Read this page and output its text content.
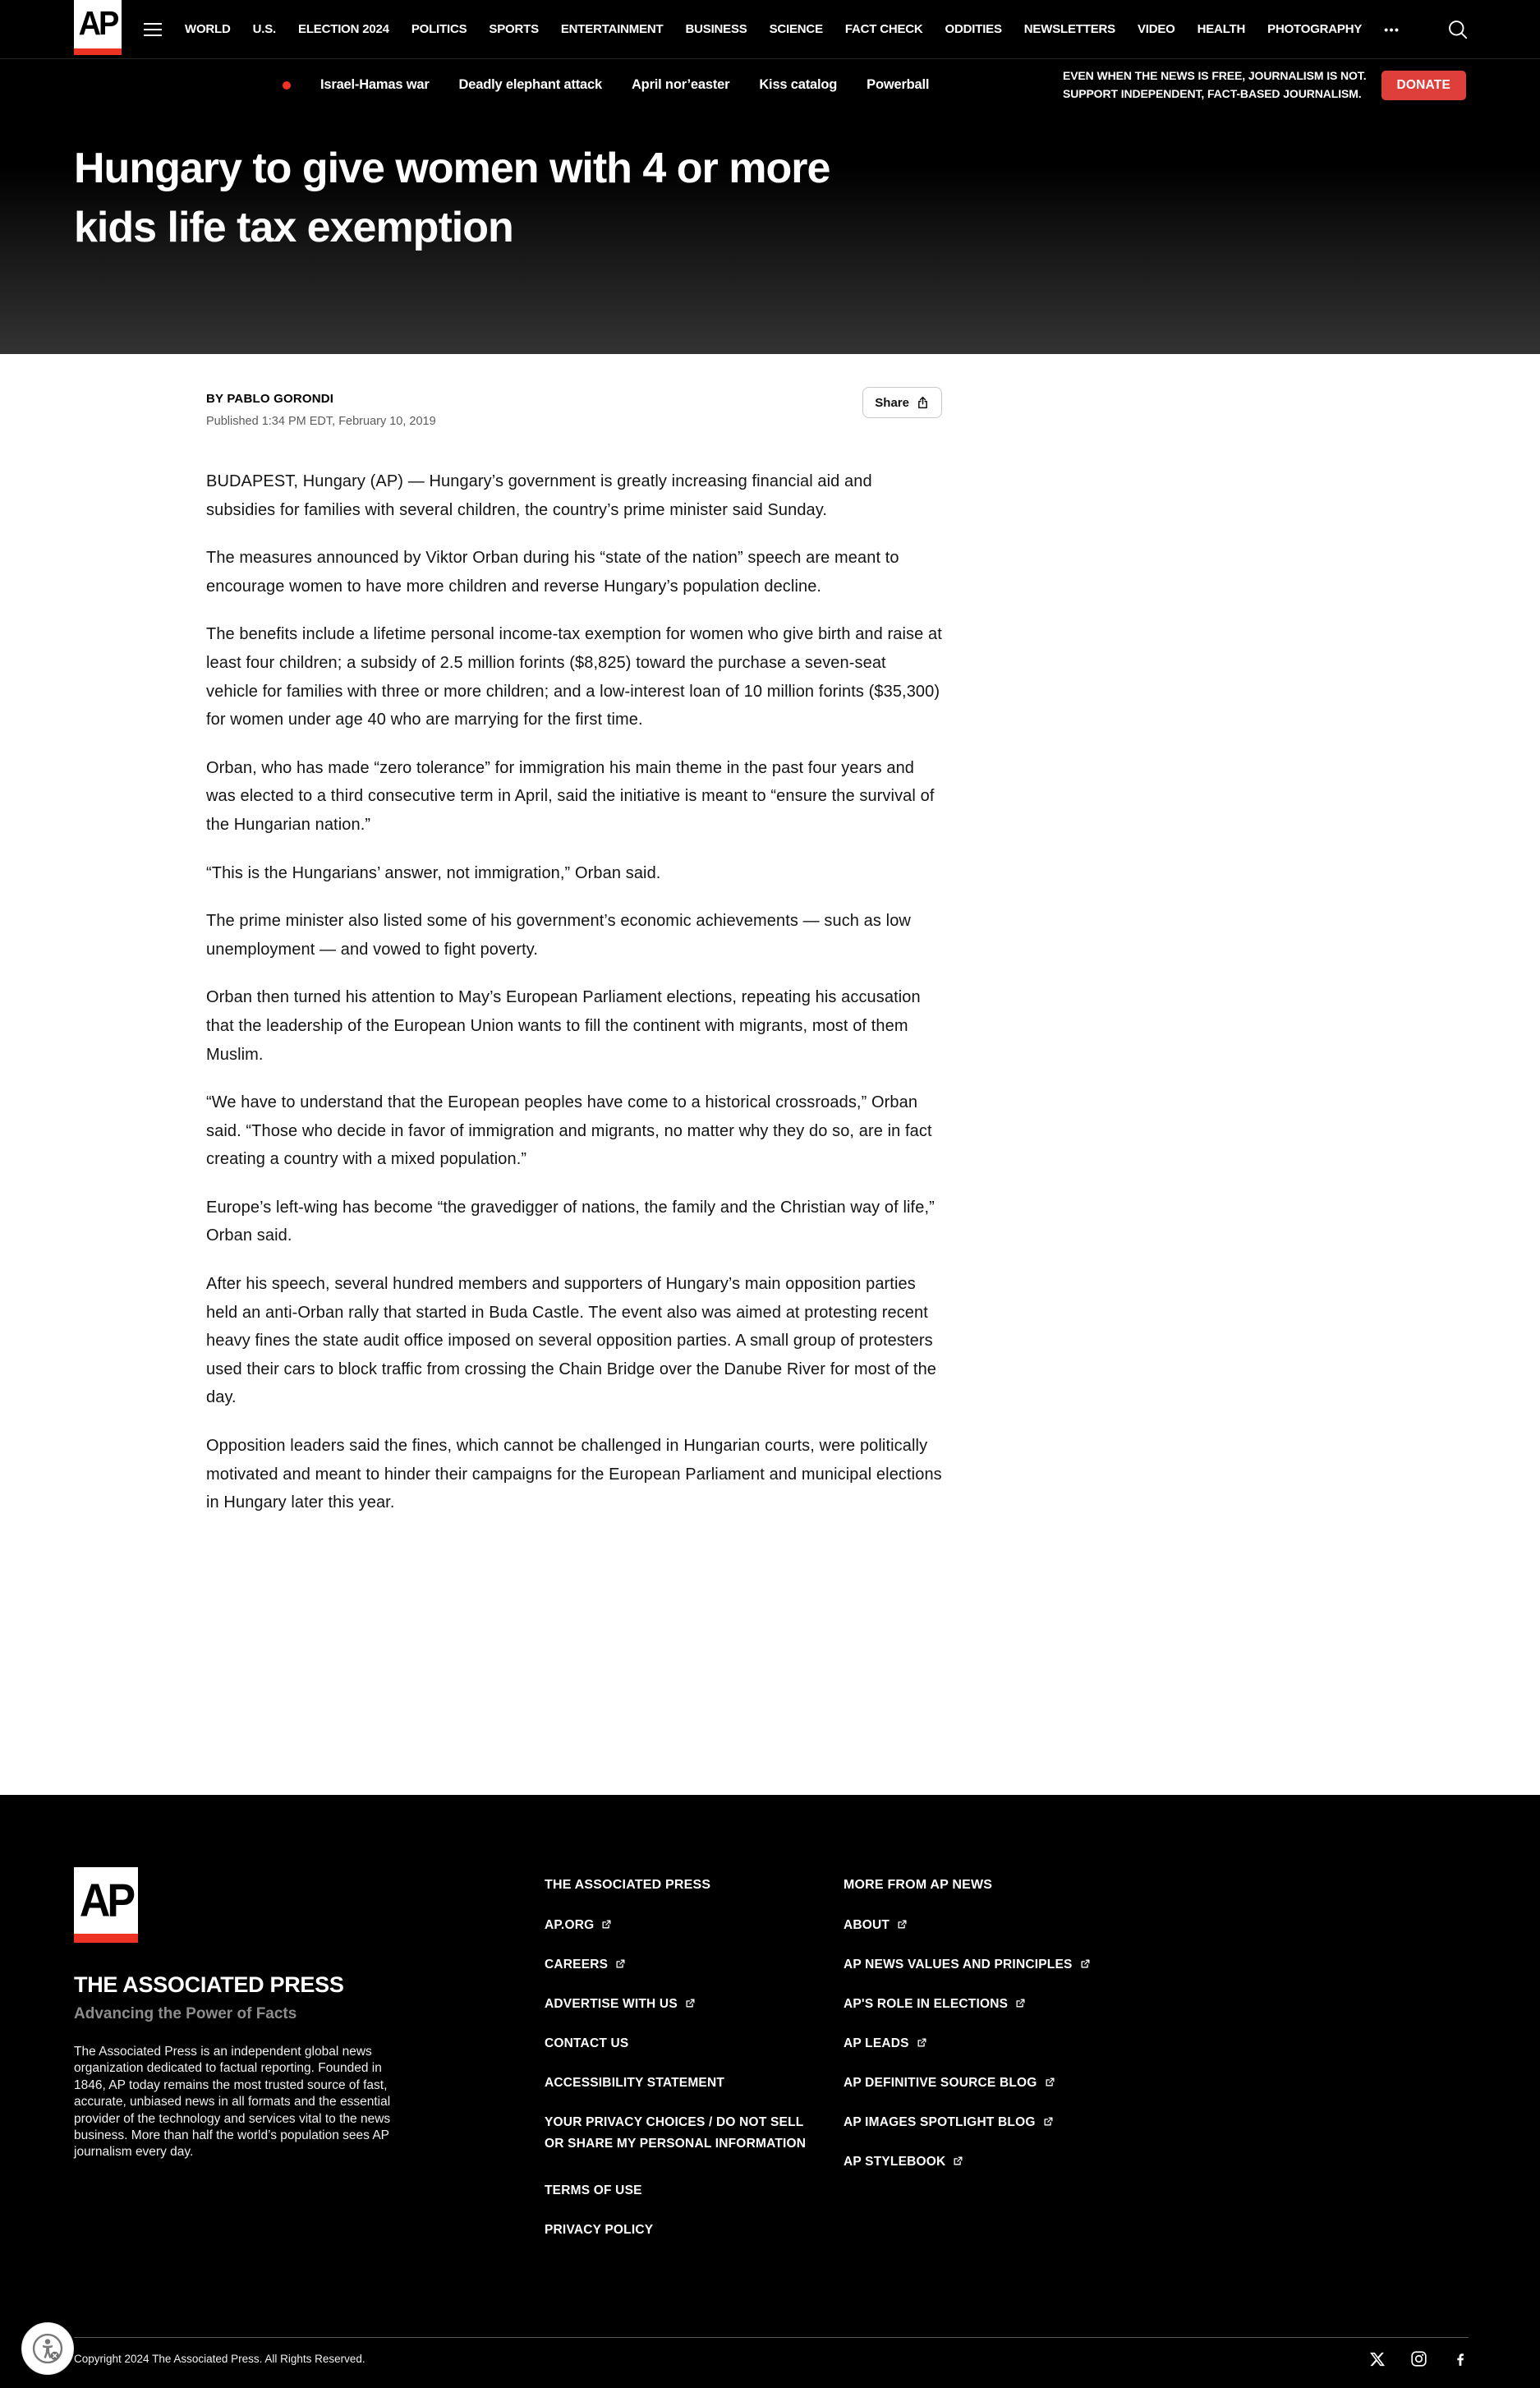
AP	WORLD U.S. ELECTION 2024 POLITICS SPORTS ENTERTAINMENT BUSINESS SCIENCE FACT CHECK ODDITIES NEWSLETTERS VIDEO HEALTH PHOTOGRAPHY •••
Israel-Hamas war Deadly elephant attack April nor’easter Kiss catalog Powerball
EVEN WHEN THE NEWS IS FREE, JOURNALISM IS NOT.
SUPPORT INDEPENDENT, FACT-BASED JOURNALISM.
DONATE
Hungary to give women with 4 or more
kids life tax exemption
BY PABLO GORONDI
Published 1:34 PM EDT, February 10, 2019
Share

BUDAPEST, Hungary (AP) — Hungary’s government is greatly increasing financial aid and subsidies for families with several children, the country’s prime minister said Sunday.

The measures announced by Viktor Orban during his “state of the nation” speech are meant to encourage women to have more children and reverse Hungary’s population decline.

The benefits include a lifetime personal income-tax exemption for women who give birth and raise at least four children; a subsidy of 2.5 million forints ($8,825) toward the purchase a seven-seat vehicle for families with three or more children; and a low-interest loan of 10 million forints ($35,300) for women under age 40 who are marrying for the first time.

Orban, who has made “zero tolerance” for immigration his main theme in the past four years and was elected to a third consecutive term in April, said the initiative is meant to “ensure the survival of the Hungarian nation.”

“This is the Hungarians’ answer, not immigration,” Orban said.

The prime minister also listed some of his government’s economic achievements — such as low unemployment — and vowed to fight poverty.

Orban then turned his attention to May’s European Parliament elections, repeating his accusation that the leadership of the European Union wants to fill the continent with migrants, most of them Muslim.

“We have to understand that the European peoples have come to a historical crossroads,” Orban said. “Those who decide in favor of immigration and migrants, no matter why they do so, are in fact creating a country with a mixed population.”

Europe’s left-wing has become “the gravedigger of nations, the family and the Christian way of life,” Orban said.

After his speech, several hundred members and supporters of Hungary’s main opposition parties held an anti-Orban rally that started in Buda Castle. The event also was aimed at protesting recent heavy fines the state audit office imposed on several opposition parties. A small group of protesters used their cars to block traffic from crossing the Chain Bridge over the Danube River for most of the day.

Opposition leaders said the fines, which cannot be challenged in Hungarian courts, were politically motivated and meant to hinder their campaigns for the European Parliament and municipal elections in Hungary later this year.

AP
THE ASSOCIATED PRESS
Advancing the Power of Facts
The Associated Press is an independent global news organization dedicated to factual reporting. Founded in 1846, AP today remains the most trusted source of fast, accurate, unbiased news in all formats and the essential provider of the technology and services vital to the news business. More than half the world’s population sees AP journalism every day.
THE ASSOCIATED PRESS
AP.ORG
CAREERS
ADVERTISE WITH US
CONTACT US
ACCESSIBILITY STATEMENT
YOUR PRIVACY CHOICES / DO NOT SELL OR SHARE MY PERSONAL INFORMATION
TERMS OF USE
PRIVACY POLICY
MORE FROM AP NEWS
ABOUT
AP NEWS VALUES AND PRINCIPLES
AP'S ROLE IN ELECTIONS
AP LEADS
AP DEFINITIVE SOURCE BLOG
AP IMAGES SPOTLIGHT BLOG
AP STYLEBOOK
Copyright 2024 The Associated Press. All Rights Reserved.
